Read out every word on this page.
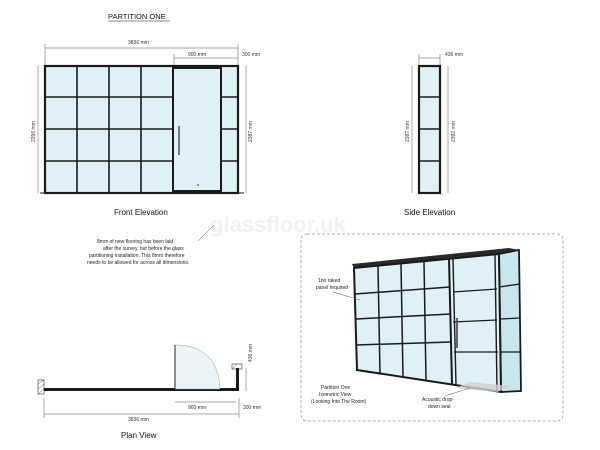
PARTITION ONE
glassfloor.uk
3836 mm
900 mm	300 mm
2396 mm	2387 mm
Front Elevation
436 mm
2387 mm	2392 mm
Side Elevation
8mm of new flooring has been laid
after the survey, but before the glass
partitioning installation. This 8mm therefore
needs to be allowed for across all dimensions.
436 mm
900 mm	300 mm
3836 mm
Plan View
1no raked
panel required
Partition One
Isometric View
(Looking Into The Room)	Acoustic drop-
down seal
